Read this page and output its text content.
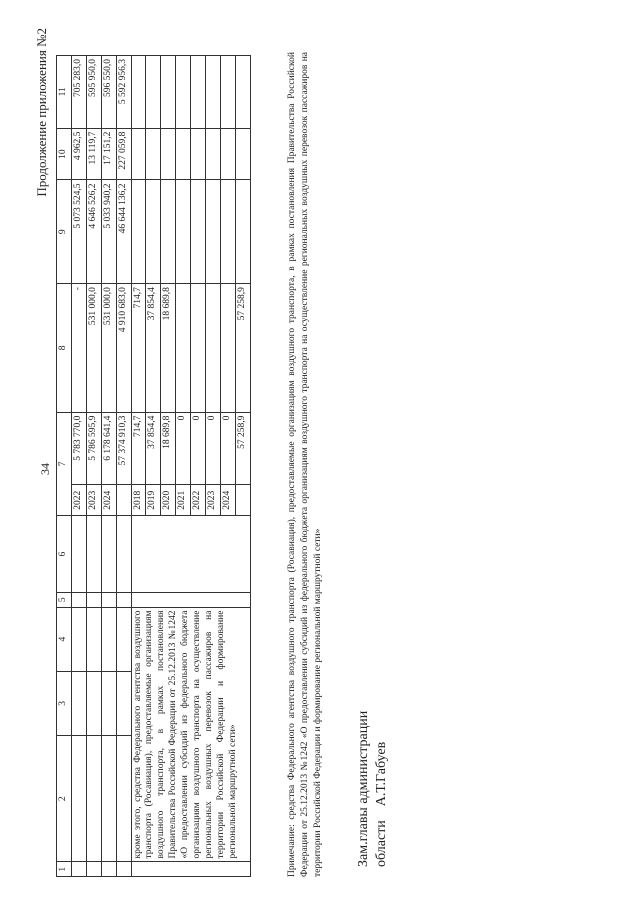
34
Продолжение приложения №2
1	2	3	4	5	6	7		8	9	10	11
						2022	5 783 770,0	-	5 073 524,5	4 962,5	705 283,0
						2023	5 786 595,9	531 000,0	4 646 526,2	13 119,7	595 950,0
						2024	6 178 641,4	531 000,0	5 033 940,2	17 151,2	596 550,0
							57 374 910,3	4 910 683,0	46 644 136,2	227 059,8	5 592 956,3
	кроме этого, средства Федерального агентства воздушного транспорта (Росавиация), предоставляемые организациям воздушного транспорта, в рамках постановления Правительства Российской Федерации от 25.12.2013 №1242 «О предоставлении субсидий из федерального бюджета организациям воздушного транспорта на осуществление региональных воздушных перевозок пассажиров на территории Российской Федерации и формирование региональной маршрутной сети»					2018	714,7	714,7			
						2019	37 854,4	37 854,4			
						2020	18 689,8	18 689,8			
						2021	0				
						2022	0				
						2023	0				
						2024	0				
							57 258,9	57 258,9				Примечание: средства Федерального агентства воздушного транспорта (Росавиация), предоставляемые организациям воздушного транспорта, в рамках постановления Правительства Российской Федерации от 25.12.2013 №1242 «О предоставлении субсидий из федерального бюджета организациям воздушного транспорта на осуществление региональных воздушных перевозок пассажиров на территории Российской Федерации и формирование региональной маршрутной сети» Зам.главы администрации области    А.Т.Габуев
